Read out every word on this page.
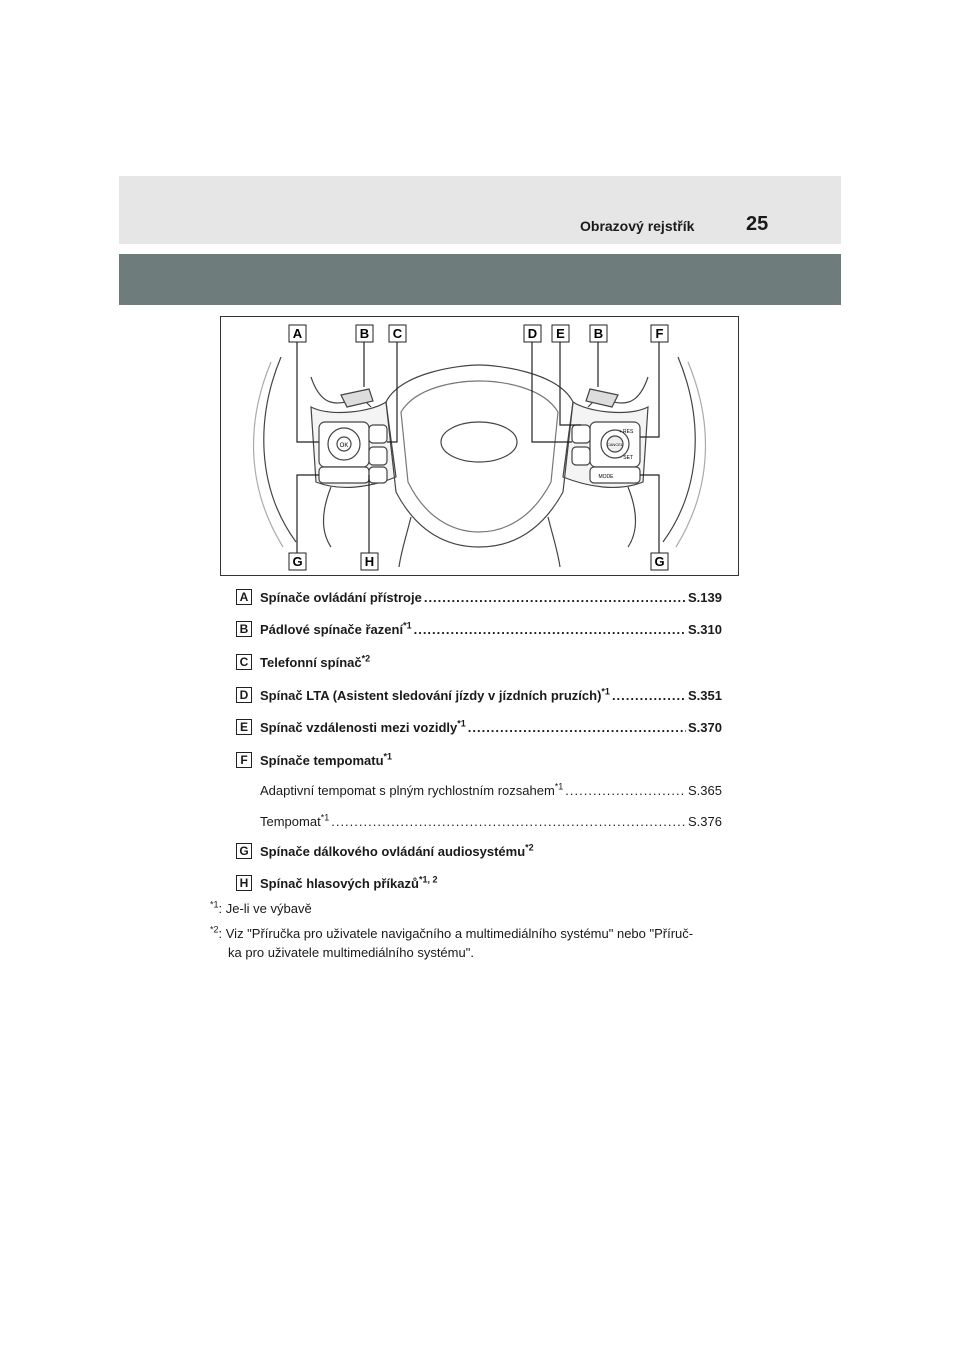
Obrazový rejstřík	25
OK
+ RES
− SET
MODE
CANCEL
A	B C	D E B	F
G	H	G
A Spínače ovládání přístroje .....	S.139
B Pádlové spínače řazení$^{*1}$ .....	S.310
C Telefonní spínač$^{*2}$
D Spínač LTA (Asistent sledování jízdy v jízdních pruzích)$^{*1}$ .....	S.351
E Spínač vzdálenosti mezi vozidly$^{*1}$ .....	S.370
F Spínače tempomatu$^{*1}$
Adaptivní tempomat s plným rychlostním rozsahem$^{*1}$ .....	S.365
Tempomat$^{*1}$ .....	S.376
G Spínače dálkového ovládání audiosystému$^{*2}$
H Spínač hlasových příkazů$^{*1, 2}$
$^{*1}$: Je-li ve výbavě
$^{*2}$: Viz "Příručka pro uživatele navigačního a multimediálního systému" nebo "Příruč-
ka pro uživatele multimediálního systému".
